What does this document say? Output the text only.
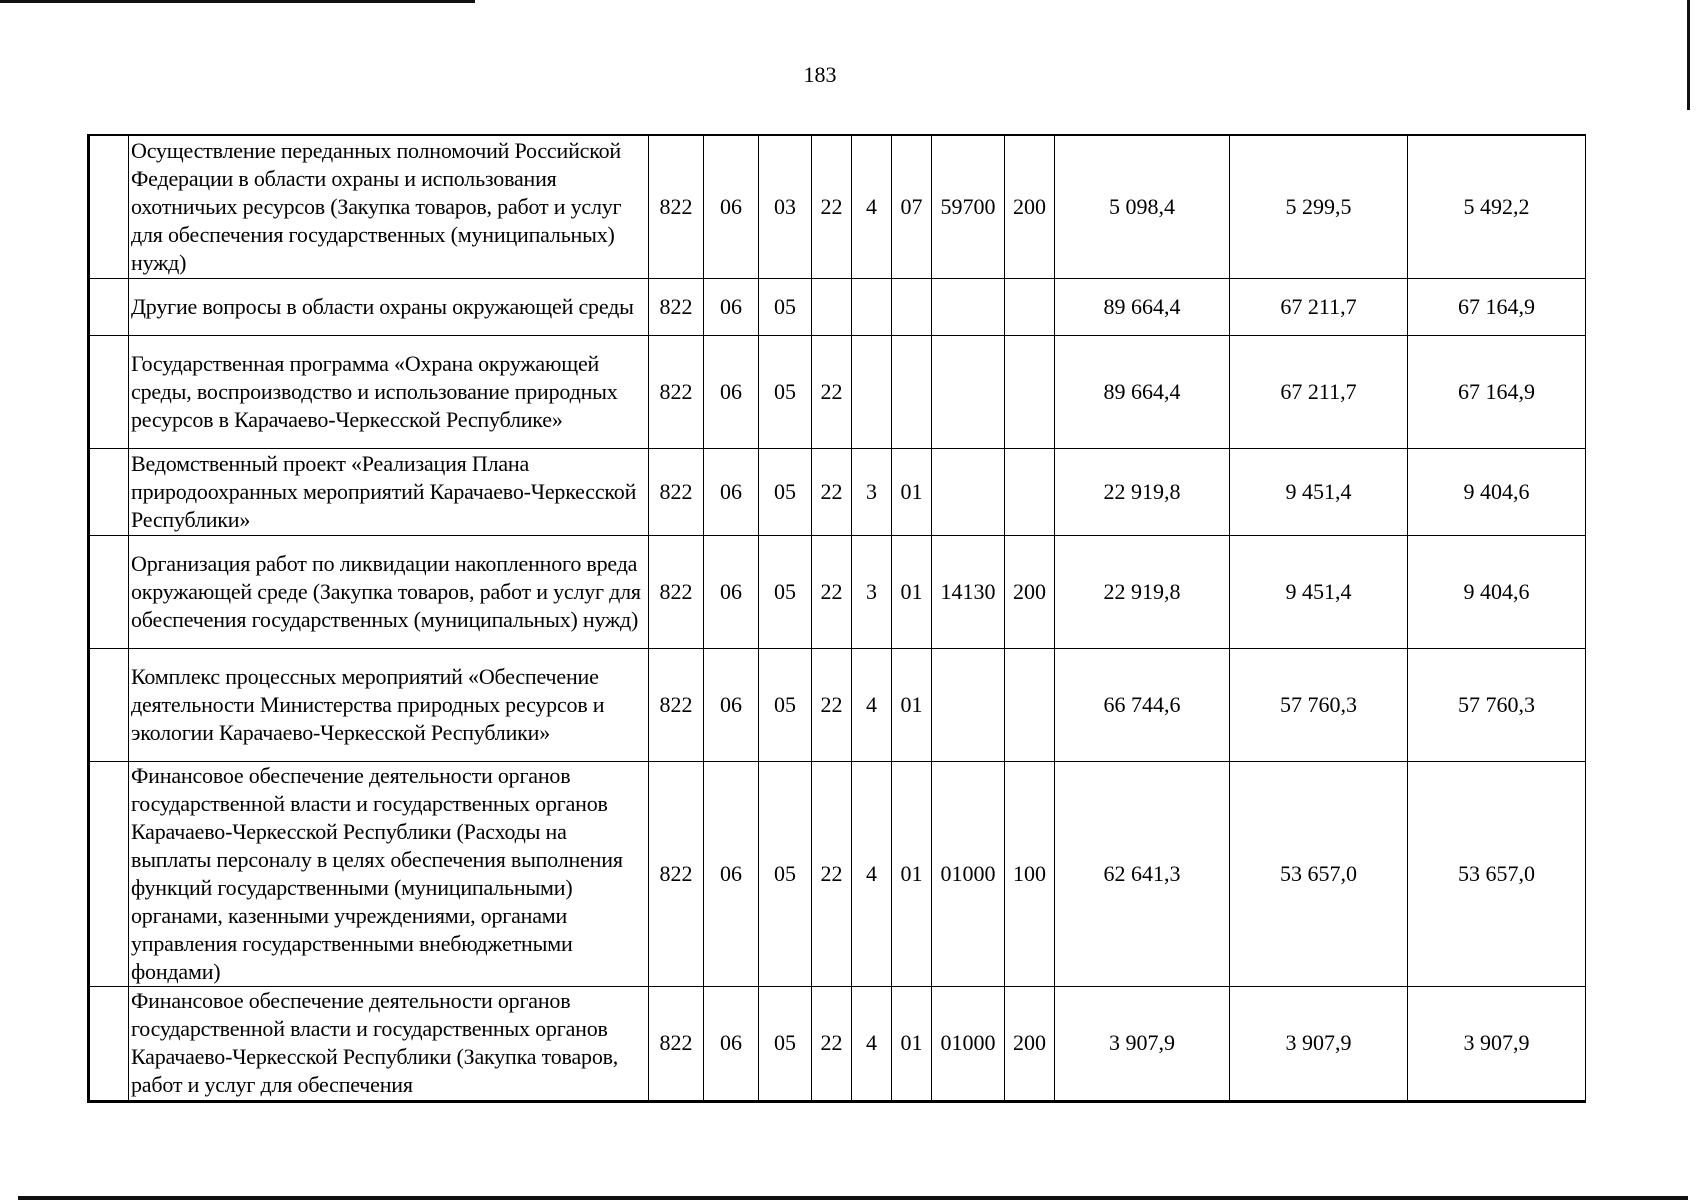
183
	Осуществление переданных полномочий Российской Федерации в области охраны и использования охотничьих ресурсов (Закупка товаров, работ и услуг для обеспечения государственных (муниципальных) нужд)	822	06	03	22	4	07	59700	200	5 098,4	5 299,5	5 492,2
	Другие вопросы в области охраны окружающей среды	822	06	05						89 664,4	67 211,7	67 164,9
	Государственная программа «Охрана окружающей среды, воспроизводство и использование природных ресурсов в Карачаево-Черкесской Республике»	822	06	05	22					89 664,4	67 211,7	67 164,9
	Ведомственный проект «Реализация Плана природоохранных мероприятий Карачаево-Черкесской Республики»	822	06	05	22	3	01			22 919,8	9 451,4	9 404,6
	Организация работ по ликвидации накопленного вреда окружающей среде (Закупка товаров, работ и услуг для обеспечения государственных (муниципальных) нужд)	822	06	05	22	3	01	14130	200	22 919,8	9 451,4	9 404,6
	Комплекс процессных мероприятий «Обеспечение деятельности Министерства природных ресурсов и экологии Карачаево-Черкесской Республики»	822	06	05	22	4	01			66 744,6	57 760,3	57 760,3
	Финансовое обеспечение деятельности органов государственной власти и государственных органов Карачаево-Черкесской Республики (Расходы на выплаты персоналу в целях обеспечения выполнения функций государственными (муниципальными) органами, казенными учреждениями, органами управления государственными внебюджетными фондами)	822	06	05	22	4	01	01000	100	62 641,3	53 657,0	53 657,0
	Финансовое обеспечение деятельности органов государственной власти и государственных органов Карачаево-Черкесской Республики (Закупка товаров, работ и услуг для обеспечения	822	06	05	22	4	01	01000	200	3 907,9	3 907,9	3 907,9
